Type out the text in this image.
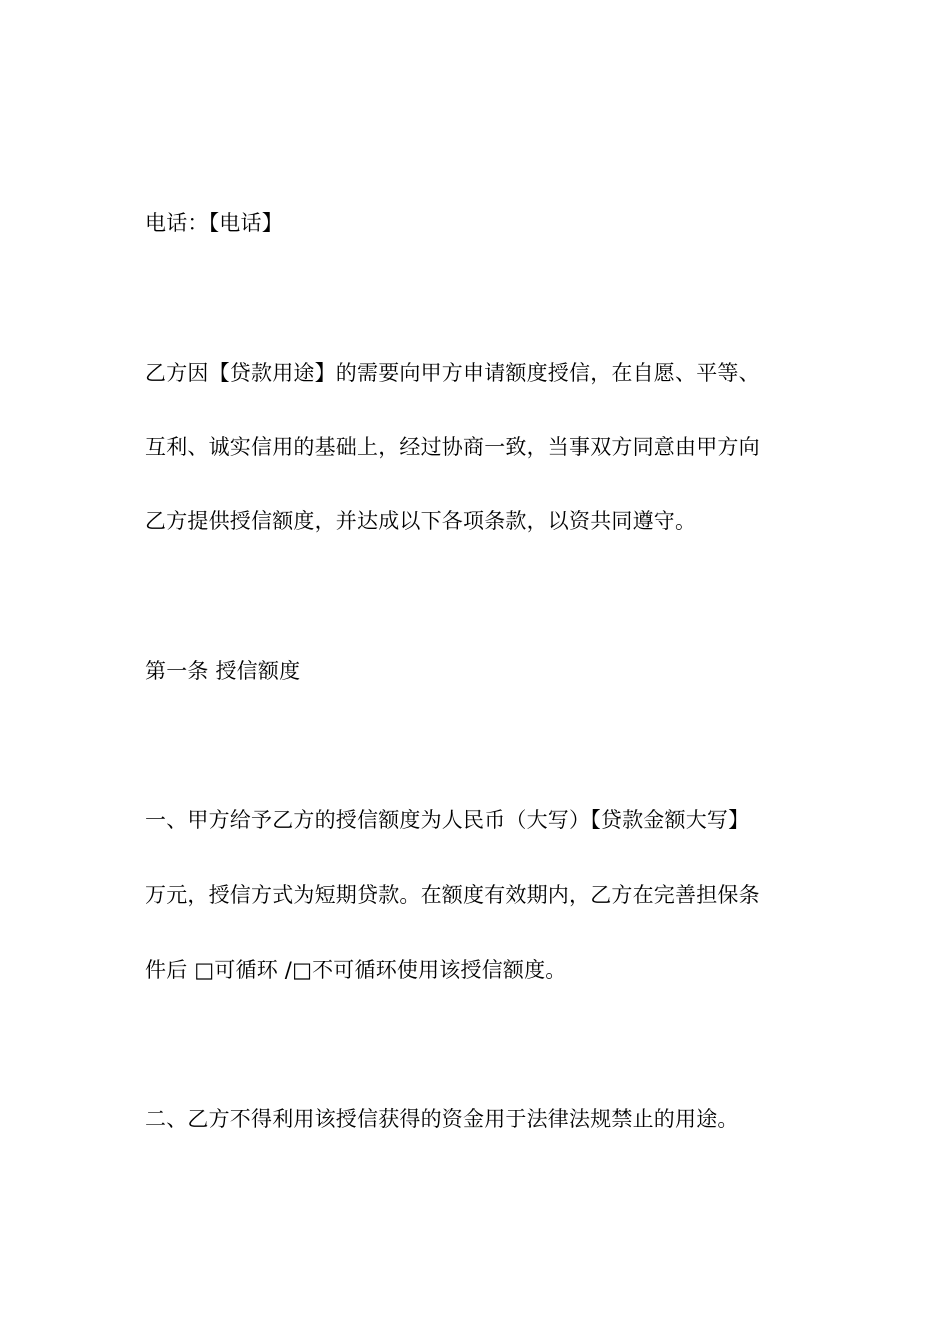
电话：【电话】
乙方因【贷款用途】的需要向甲方申请额度授信，在自愿、平等、
互利、诚实信用的基础上，经过协商一致，当事双方同意由甲方向
乙方提供授信额度，并达成以下各项条款，以资共同遵守。
第一条 授信额度
一、甲方给予乙方的授信额度为人民币（大写）【贷款金额大写】
万元，授信方式为短期贷款。在额度有效期内，乙方在完善担保条
件后 □可循环 /□不可循环使用该授信额度。
二、乙方不得利用该授信获得的资金用于法律法规禁止的用途。
